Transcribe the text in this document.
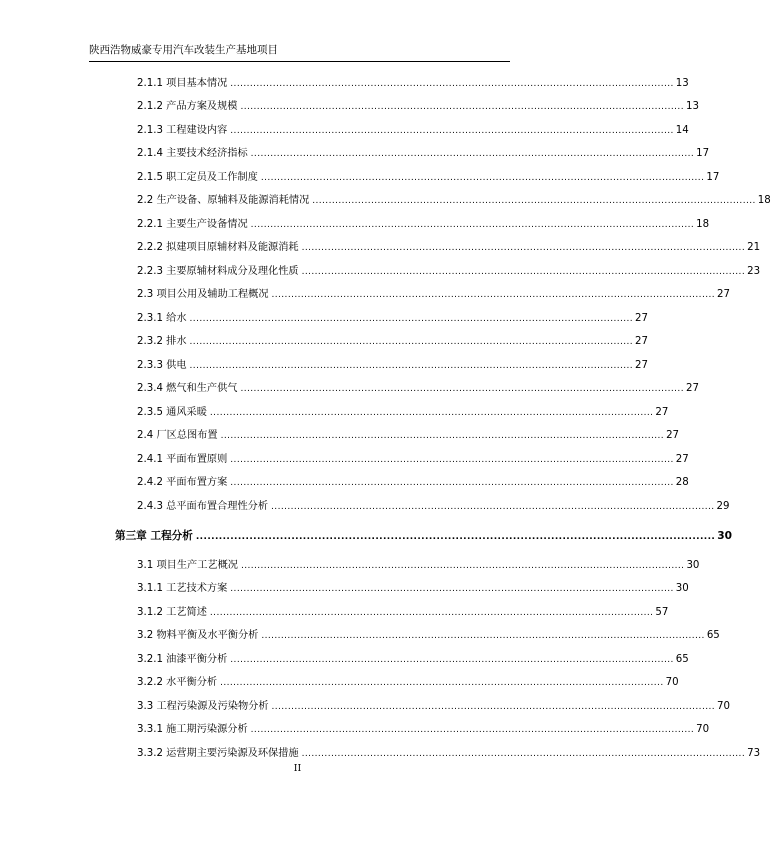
陕西浩物威豪专用汽车改装生产基地项目
2.1.1 项目基本情况 ........................................................................................................................................ 13
2.1.2 产品方案及规模 ........................................................................................................................................ 13
2.1.3 工程建设内容 ........................................................................................................................................ 14
2.1.4 主要技术经济指标 ........................................................................................................................................ 17
2.1.5 职工定员及工作制度 ........................................................................................................................................ 17
2.2 生产设备、原辅料及能源消耗情况 ........................................................................................................................................ 18
2.2.1 主要生产设备情况 ........................................................................................................................................ 18
2.2.2 拟建项目原辅材料及能源消耗 ........................................................................................................................................ 21
2.2.3 主要原辅材料成分及理化性质 ........................................................................................................................................ 23
2.3 项目公用及辅助工程概况 ........................................................................................................................................ 27
2.3.1 给水 ........................................................................................................................................ 27
2.3.2 排水 ........................................................................................................................................ 27
2.3.3 供电 ........................................................................................................................................ 27
2.3.4 燃气和生产供气 ........................................................................................................................................ 27
2.3.5 通风采暖 ........................................................................................................................................ 27
2.4 厂区总图布置 ........................................................................................................................................ 27
2.4.1 平面布置原则 ........................................................................................................................................ 27
2.4.2 平面布置方案 ........................................................................................................................................ 28
2.4.3 总平面布置合理性分析 ........................................................................................................................................ 29
第三章 工程分析 ........................................................................................................................................ 30
3.1 项目生产工艺概况 ........................................................................................................................................ 30
3.1.1 工艺技术方案 ........................................................................................................................................ 30
3.1.2 工艺简述 ........................................................................................................................................ 57
3.2 物料平衡及水平衡分析 ........................................................................................................................................ 65
3.2.1 油漆平衡分析 ........................................................................................................................................ 65
3.2.2 水平衡分析 ........................................................................................................................................ 70
3.3 工程污染源及污染物分析 ........................................................................................................................................ 70
3.3.1 施工期污染源分析 ........................................................................................................................................ 70
3.3.2 运营期主要污染源及环保措施 ........................................................................................................................................ 73
II
